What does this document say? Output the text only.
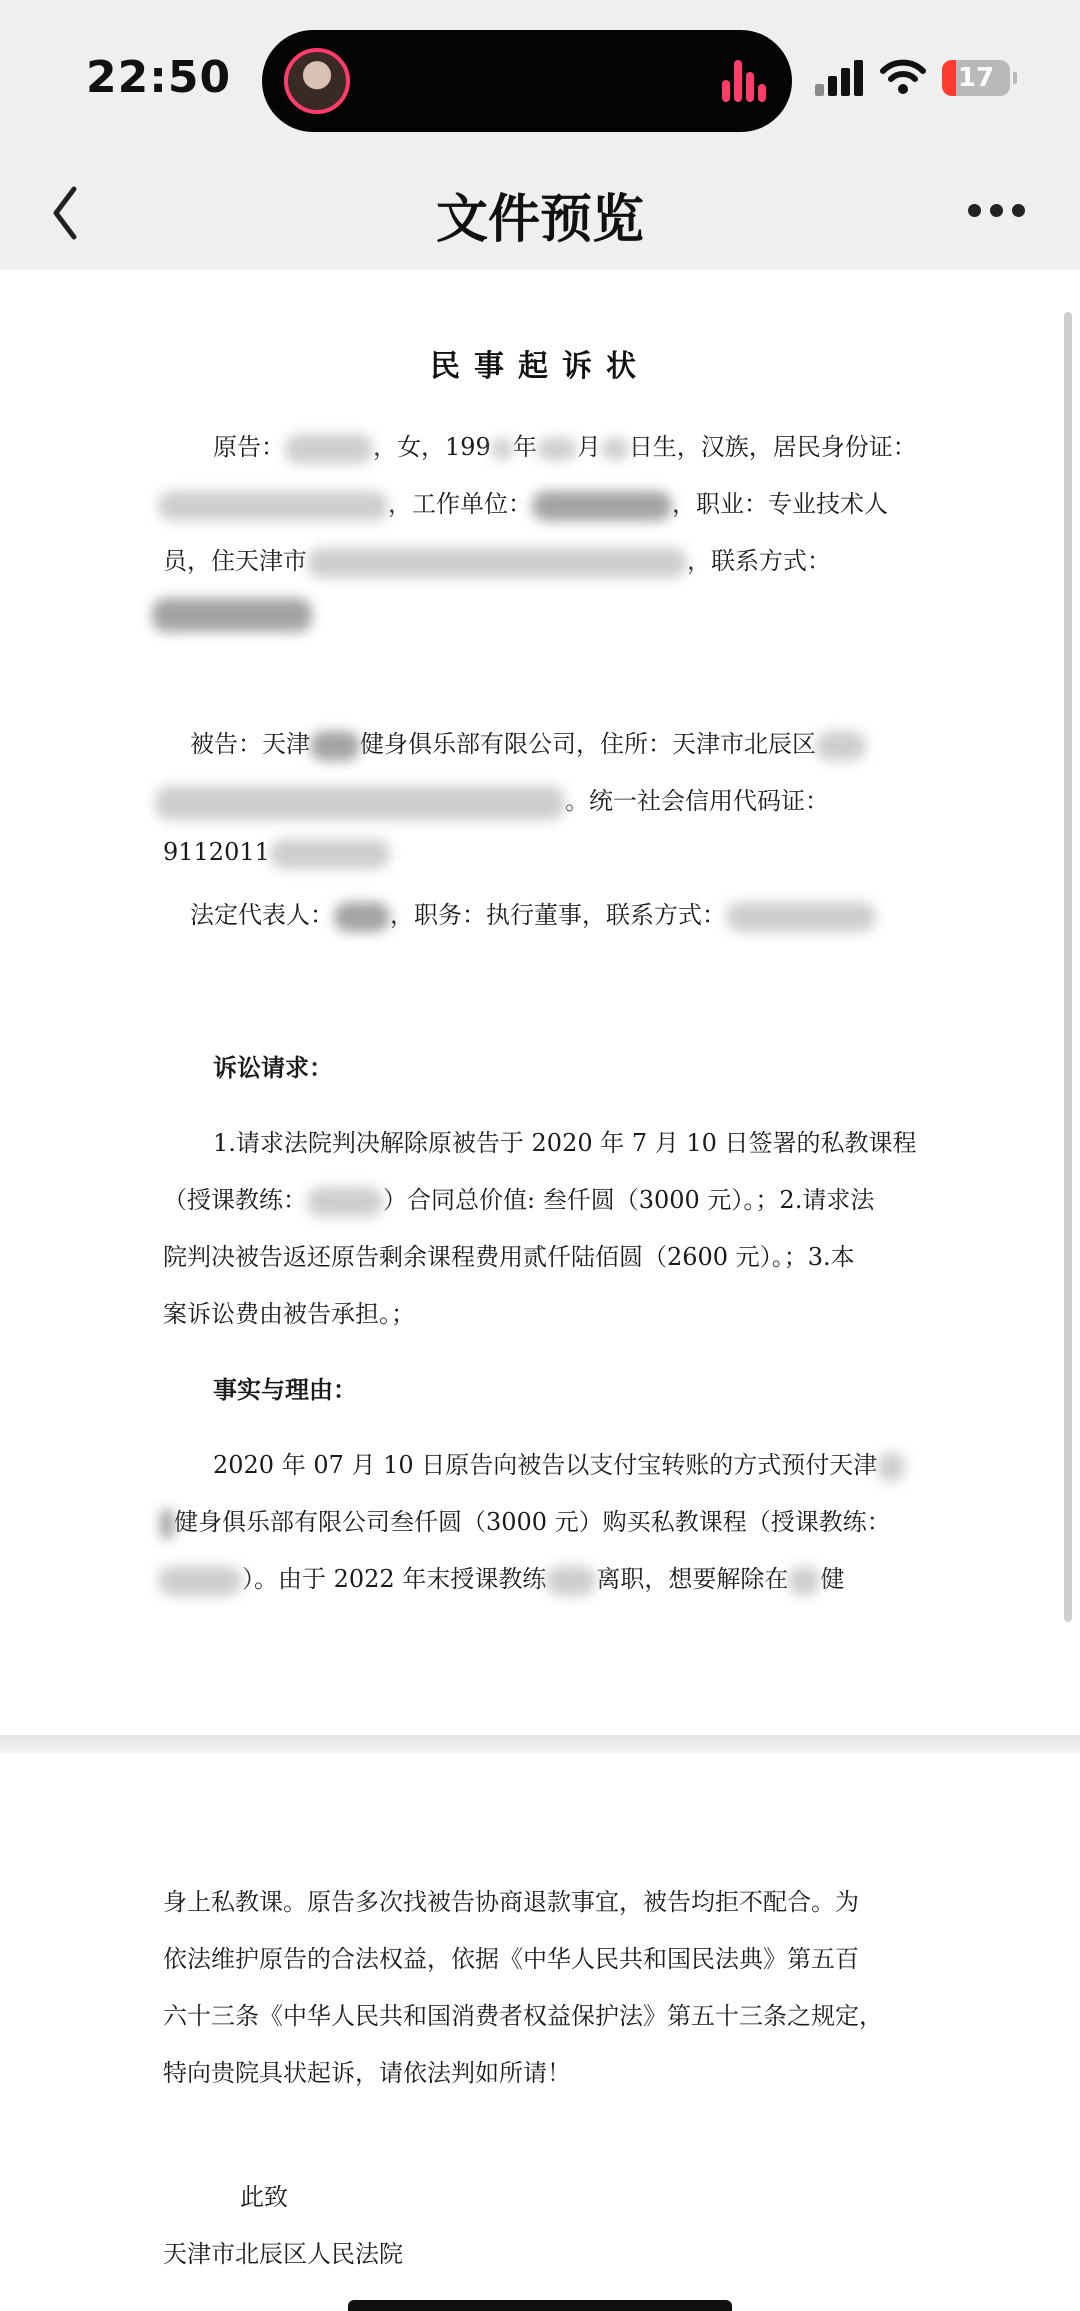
22:50	17
文件预览
民事起诉状
原告：	，女，199 年 月 日生，汉族，居民身份证：
，工作单位：	，职业：专业技术人
员，住天津市	，联系方式：
被告：天津 健身俱乐部有限公司，住所：天津市北辰区
。统一社会信用代码证：
9112011
法定代表人： ，职务：执行董事，联系方式：
诉讼请求：
1.请求法院判决解除原被告于 2020 年 7 月 10 日签署的私教课程
（授课教练：	）合同总价值: 叁仟圆（3000 元）。；2.请求法
院判决被告返还原告剩余课程费用贰仟陆佰圆（2600 元）。；3.本
案诉讼费由被告承担。；
事实与理由：
2020 年 07 月 10 日原告向被告以支付宝转账的方式预付天津
健身俱乐部有限公司叁仟圆（3000 元）购买私教课程（授课教练：
）。由于 2022 年末授课教练 离职，想要解除在 健
身上私教课。原告多次找被告协商退款事宜，被告均拒不配合。为
依法维护原告的合法权益，依据《中华人民共和国民法典》第五百
六十三条《中华人民共和国消费者权益保护法》第五十三条之规定，
特向贵院具状起诉，请依法判如所请！
此致
天津市北辰区人民法院
